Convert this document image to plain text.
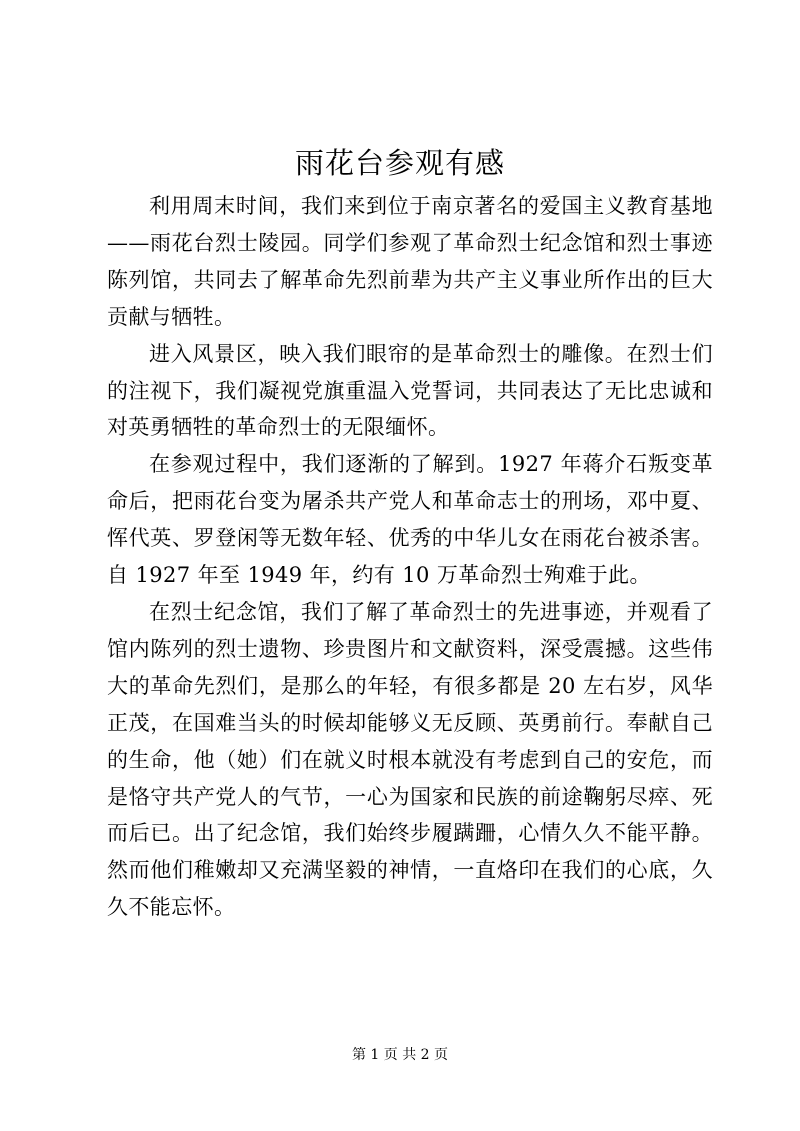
雨花台参观有感

利用周末时间，我们来到位于南京著名的爱国主义教育基地——雨花台烈士陵园。同学们参观了革命烈士纪念馆和烈士事迹陈列馆，共同去了解革命先烈前辈为共产主义事业所作出的巨大贡献与牺牲。

进入风景区，映入我们眼帘的是革命烈士的雕像。在烈士们的注视下，我们凝视党旗重温入党誓词，共同表达了无比忠诚和对英勇牺牲的革命烈士的无限缅怀。

在参观过程中，我们逐渐的了解到。1927 年蒋介石叛变革命后，把雨花台变为屠杀共产党人和革命志士的刑场，邓中夏、恽代英、罗登闲等无数年轻、优秀的中华儿女在雨花台被杀害。自 1927 年至 1949 年，约有 10 万革命烈士殉难于此。

在烈士纪念馆，我们了解了革命烈士的先进事迹，并观看了馆内陈列的烈士遗物、珍贵图片和文献资料，深受震撼。这些伟大的革命先烈们，是那么的年轻，有很多都是 20 左右岁，风华正茂，在国难当头的时候却能够义无反顾、英勇前行。奉献自己的生命，他（她）们在就义时根本就没有考虑到自己的安危，而是恪守共产党人的气节，一心为国家和民族的前途鞠躬尽瘁、死而后已。出了纪念馆，我们始终步履蹒跚，心情久久不能平静。然而他们稚嫩却又充满坚毅的神情，一直烙印在我们的心底，久久不能忘怀。

第 1 页 共 2 页
